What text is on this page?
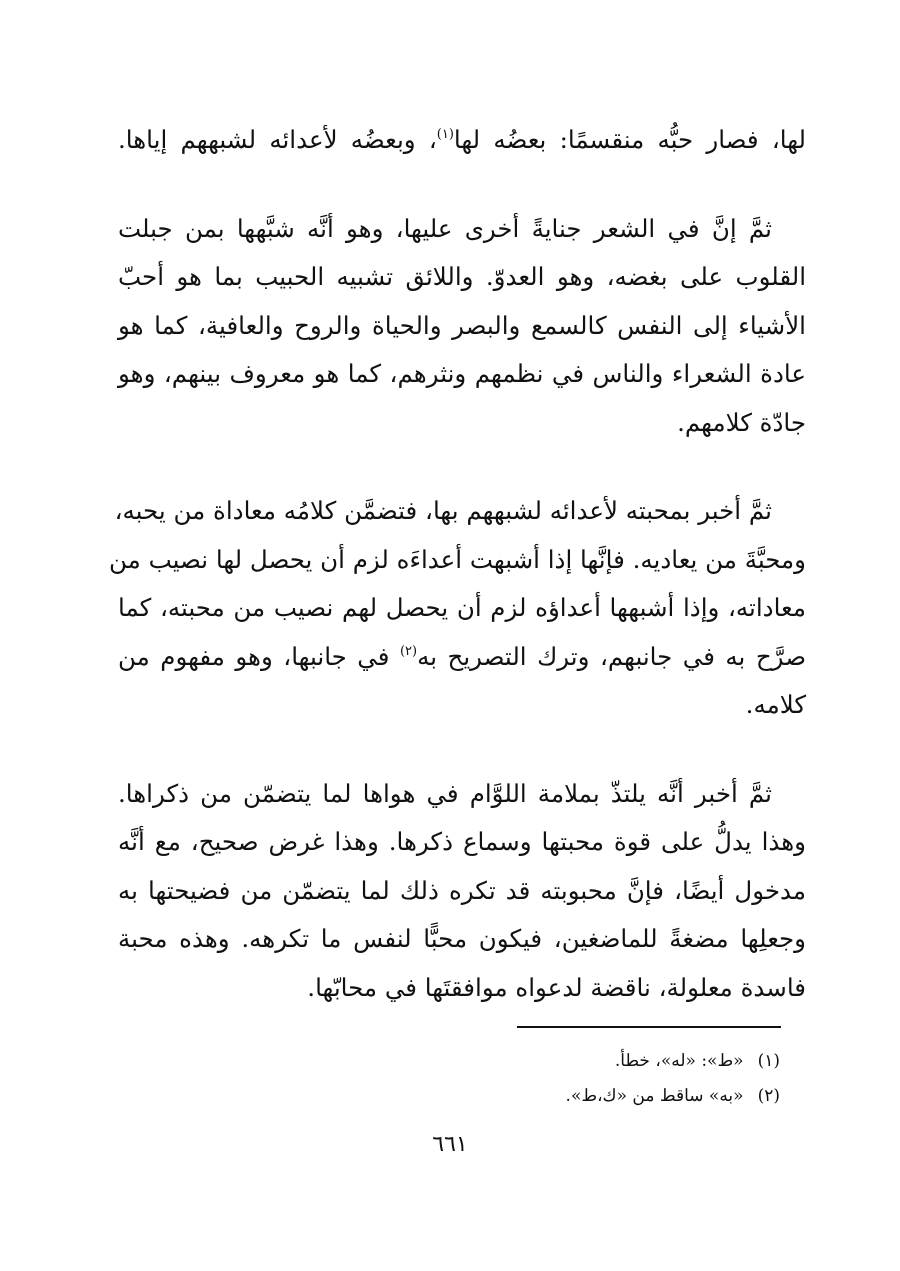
لها، فصار حبُّه منقسمًا: بعضُه لها$^{(١)}$، وبعضُه لأعدائه لشبههم إياها.

ثمَّ إنَّ في الشعر جنايةً أخرى عليها، وهو أنَّه شبَّهها بمن جبلت
القلوب على بغضه، وهو العدوّ. واللائق تشبيه الحبيب بما هو أحبّ
الأشياء إلى النفس كالسمع والبصر والحياة والروح والعافية، كما هو
عادة الشعراء والناس في نظمهم ونثرهم، كما هو معروف بينهم، وهو
جادّة كلامهم.

ثمَّ أخبر بمحبته لأعدائه لشبههم بها، فتضمَّن كلامُه معاداة من يحبه،
ومحبَّةَ من يعاديه. فإنَّها إذا أشبهت أعداءَه لزم أن يحصل لها نصيب من
معاداته، وإذا أشبهها أعداؤه لزم أن يحصل لهم نصيب من محبته، كما
صرَّح به في جانبهم، وترك التصريح به$^{(٢)}$ في جانبها، وهو مفهوم من
كلامه.

ثمَّ أخبر أنَّه يلتذّ بملامة اللوَّام في هواها لما يتضمّن من ذكراها.
وهذا يدلُّ على قوة محبتها وسماع ذكرها. وهذا غرض صحيح، مع أنَّه
مدخول أيضًا، فإنَّ محبوبته قد تكره ذلك لما يتضمّن من فضيحتها به
وجعلِها مضغةً للماضغين، فيكون محبًّا لنفس ما تكرهه. وهذه محبة
فاسدة معلولة، ناقضة لدعواه موافقتَها في محابّها.

(١)«ط»: «له»، خطأ.
(٢)«به» ساقط من «ك،ط».
٦٦١
